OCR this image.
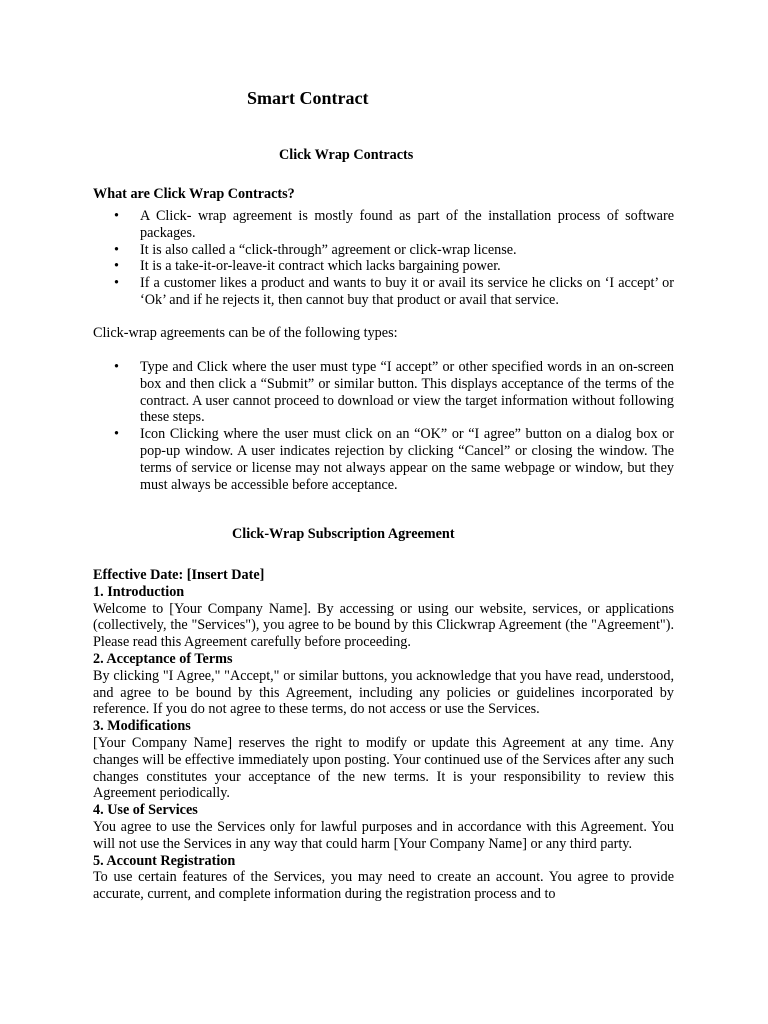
Smart Contract
Click Wrap Contracts
What are Click Wrap Contracts?
• A Click- wrap agreement is mostly found as part of the installation process of software packages.
• It is also called a “click-through” agreement or click-wrap license.
• It is a take-it-or-leave-it contract which lacks bargaining power.
• If a customer likes a product and wants to buy it or avail its service he clicks on ‘I accept’ or ‘Ok’ and if he rejects it, then cannot buy that product or avail that service.
Click-wrap agreements can be of the following types:
• Type and Click where the user must type “I accept” or other specified words in an on-screen box and then click a “Submit” or similar button. This displays acceptance of the terms of the contract. A user cannot proceed to download or view the target information without following these steps.
• Icon Clicking where the user must click on an “OK” or “I agree” button on a dialog box or pop-up window. A user indicates rejection by clicking “Cancel” or closing the window. The terms of service or license may not always appear on the same webpage or window, but they must always be accessible before acceptance.
Click-Wrap Subscription Agreement
Effective Date: [Insert Date]
1. Introduction
Welcome to [Your Company Name]. By accessing or using our website, services, or applications (collectively, the "Services"), you agree to be bound by this Clickwrap Agreement (the "Agreement"). Please read this Agreement carefully before proceeding.
2. Acceptance of Terms
By clicking "I Agree," "Accept," or similar buttons, you acknowledge that you have read, understood, and agree to be bound by this Agreement, including any policies or guidelines incorporated by reference. If you do not agree to these terms, do not access or use the Services.
3. Modifications
[Your Company Name] reserves the right to modify or update this Agreement at any time. Any changes will be effective immediately upon posting. Your continued use of the Services after any such changes constitutes your acceptance of the new terms. It is your responsibility to review this Agreement periodically.
4. Use of Services
You agree to use the Services only for lawful purposes and in accordance with this Agreement. You will not use the Services in any way that could harm [Your Company Name] or any third party.
5. Account Registration
To use certain features of the Services, you may need to create an account. You agree to provide accurate, current, and complete information during the registration process and to
